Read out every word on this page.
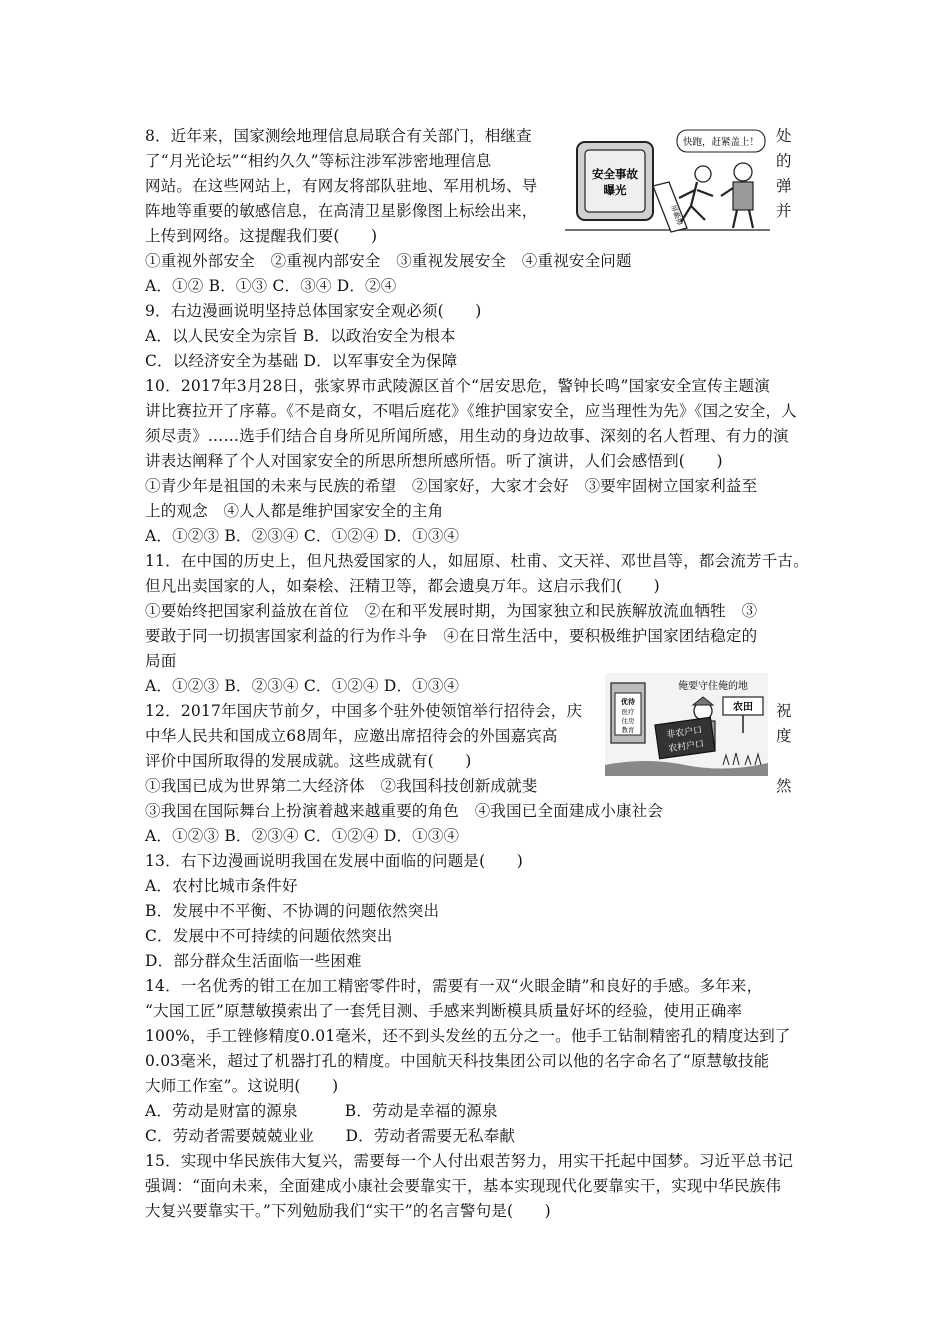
8．近年来，国家测绘地理信息局联合有关部门，相继查
了“月光论坛”“相约久久”等标注涉军涉密地理信息
网站。在这些网站上，有网友将部队驻地、军用机场、导
阵地等重要的敏感信息，在高清卫星影像图上标绘出来，
上传到网络。这提醒我们要(　　)
处
的
弹
并
①重视外部安全　②重视内部安全　③重视发展安全　④重视安全问题
A．①② B．①③ C．③④ D．②④
安全事故
曝光
屏蔽掉
快跑，赶紧盖上！
9．右边漫画说明坚持总体国家安全观必须(　　)
A．以人民安全为宗旨 B．以政治安全为根本
C．以经济安全为基础 D．以军事安全为保障
10．2017年3月28日，张家界市武陵源区首个“居安思危，警钟长鸣”国家安全宣传主题演
讲比赛拉开了序幕。《不是商女，不唱后庭花》《维护国家安全，应当理性为先》《国之安全，人
须尽责》……选手们结合自身所见所闻所感，用生动的身边故事、深刻的名人哲理、有力的演
讲表达阐释了个人对国家安全的所思所想所感所悟。听了演讲，人们会感悟到(　　)
①青少年是祖国的未来与民族的希望　②国家好，大家才会好　③要牢固树立国家利益至
上的观念　④人人都是维护国家安全的主角
A．①②③ B．②③④ C．①②④ D．①③④
11．在中国的历史上，但凡热爱国家的人，如屈原、杜甫、文天祥、邓世昌等，都会流芳千古。
但凡出卖国家的人，如秦桧、汪精卫等，都会遗臭万年。这启示我们(　　)
①要始终把国家利益放在首位　②在和平发展时期，为国家独立和民族解放流血牺牲　③
要敢于同一切损害国家利益的行为作斗争　④在日常生活中，要积极维护国家团结稳定的
局面
A．①②③ B．②③④ C．①②④ D．①③④
12．2017年国庆节前夕，中国多个驻外使领馆举行招待会，庆
中华人民共和国成立68周年，应邀出席招待会的外国嘉宾高
评价中国所取得的发展成就。这些成就有(　　)
①我国已成为世界第二大经济体　②我国科技创新成就斐
③我国在国际舞台上扮演着越来越重要的角色　④我国已全面建成小康社会
A．①②③ B．②③④ C．①②④ D．①③④
祝
度
然
俺要守住俺的地
优待
医疗
住房
教育
农田
非农户口
农村户口
13．右下边漫画说明我国在发展中面临的问题是(　　)
A．农村比城市条件好
B．发展中不平衡、不协调的问题依然突出
C．发展中不可持续的问题依然突出
D．部分群众生活面临一些困难
14．一名优秀的钳工在加工精密零件时，需要有一双“火眼金睛”和良好的手感。多年来，
“大国工匠”原慧敏摸索出了一套凭目测、手感来判断模具质量好坏的经验，使用正确率
100%，手工锉修精度0.01毫米，还不到头发丝的五分之一。他手工钻制精密孔的精度达到了
0.03毫米，超过了机器打孔的精度。中国航天科技集团公司以他的名字命名了“原慧敏技能
大师工作室”。这说明(　　)
A．劳动是财富的源泉　　　B．劳动是幸福的源泉
C．劳动者需要兢兢业业　　D．劳动者需要无私奉献
15．实现中华民族伟大复兴，需要每一个人付出艰苦努力，用实干托起中国梦。习近平总书记
强调：“面向未来，全面建成小康社会要靠实干，基本实现现代化要靠实干，实现中华民族伟
大复兴要靠实干。”下列勉励我们“实干”的名言警句是(　　)
